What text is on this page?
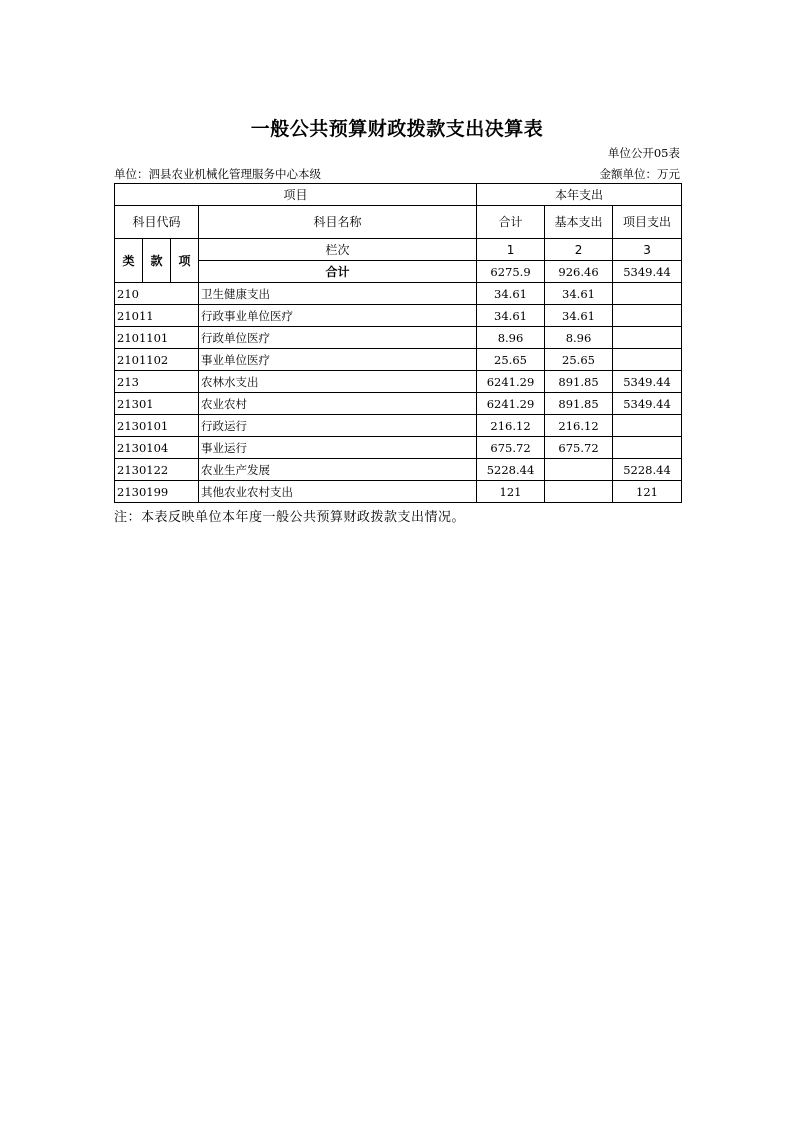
一般公共预算财政拨款支出决算表
单位公开05表
单位：泗县农业机械化管理服务中心本级	金额单位：万元
项目				本年支出		
科目代码			科目名称	合计	基本支出	项目支出

类	款	项	栏次	1	2	3
			合计	6275.9	926.46	5349.44
210			卫生健康支出	34.61	34.61	
21011			行政事业单位医疗	34.61	34.61	
2101101			行政单位医疗	8.96	8.96	
2101102			事业单位医疗	25.65	25.65	
213			农林水支出	6241.29	891.85	5349.44
21301			农业农村	6241.29	891.85	5349.44
2130101			行政运行	216.12	216.12	
2130104			事业运行	675.72	675.72	
2130122			农业生产发展	5228.44		5228.44
2130199			其他农业农村支出	121		121
注：本表反映单位本年度一般公共预算财政拨款支出情况。
